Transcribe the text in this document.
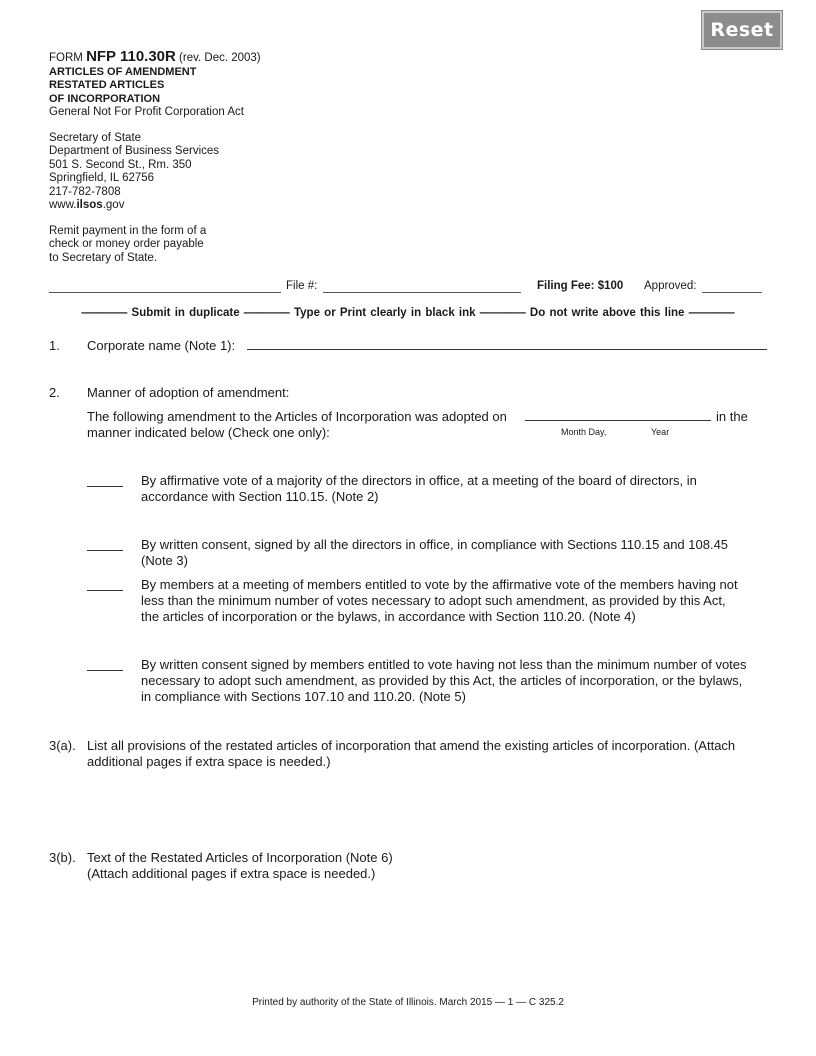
Reset
FORM NFP 110.30R (rev. Dec. 2003)
ARTICLES OF AMENDMENT
RESTATED ARTICLES
OF INCORPORATION
General Not For Profit Corporation Act
Secretary of State
Department of Business Services
501 S. Second St., Rm. 350
Springfield, IL 62756
217-782-7808
www.ilsos.gov
Remit payment in the form of a
check or money order payable
to Secretary of State.
File #:	Filing Fee: $100 Approved:
———— Submit in duplicate ———— Type or Print clearly in black ink ———— Do not write above this line ————
1. Corporate name (Note 1):
2. Manner of adoption of amendment:
The following amendment to the Articles of Incorporation was adopted on	in the
manner indicated below (Check one only):	Month Day,	Year
By affirmative vote of a majority of the directors in office, at a meeting of the board of directors, in
accordance with Section 110.15. (Note 2)
By written consent, signed by all the directors in office, in compliance with Sections 110.15 and 108.45
(Note 3)
By members at a meeting of members entitled to vote by the affirmative vote of the members having not
less than the minimum number of votes necessary to adopt such amendment, as provided by this Act,
the articles of incorporation or the bylaws, in accordance with Section 110.20. (Note 4)
By written consent signed by members entitled to vote having not less than the minimum number of votes
necessary to adopt such amendment, as provided by this Act, the articles of incorporation, or the bylaws,
in compliance with Sections 107.10 and 110.20. (Note 5)
3(a). List all provisions of the restated articles of incorporation that amend the existing articles of incorporation. (Attach
additional pages if extra space is needed.)
3(b). Text of the Restated Articles of Incorporation (Note 6)
(Attach additional pages if extra space is needed.)
Printed by authority of the State of Illinois. March 2015 — 1 — C 325.2
